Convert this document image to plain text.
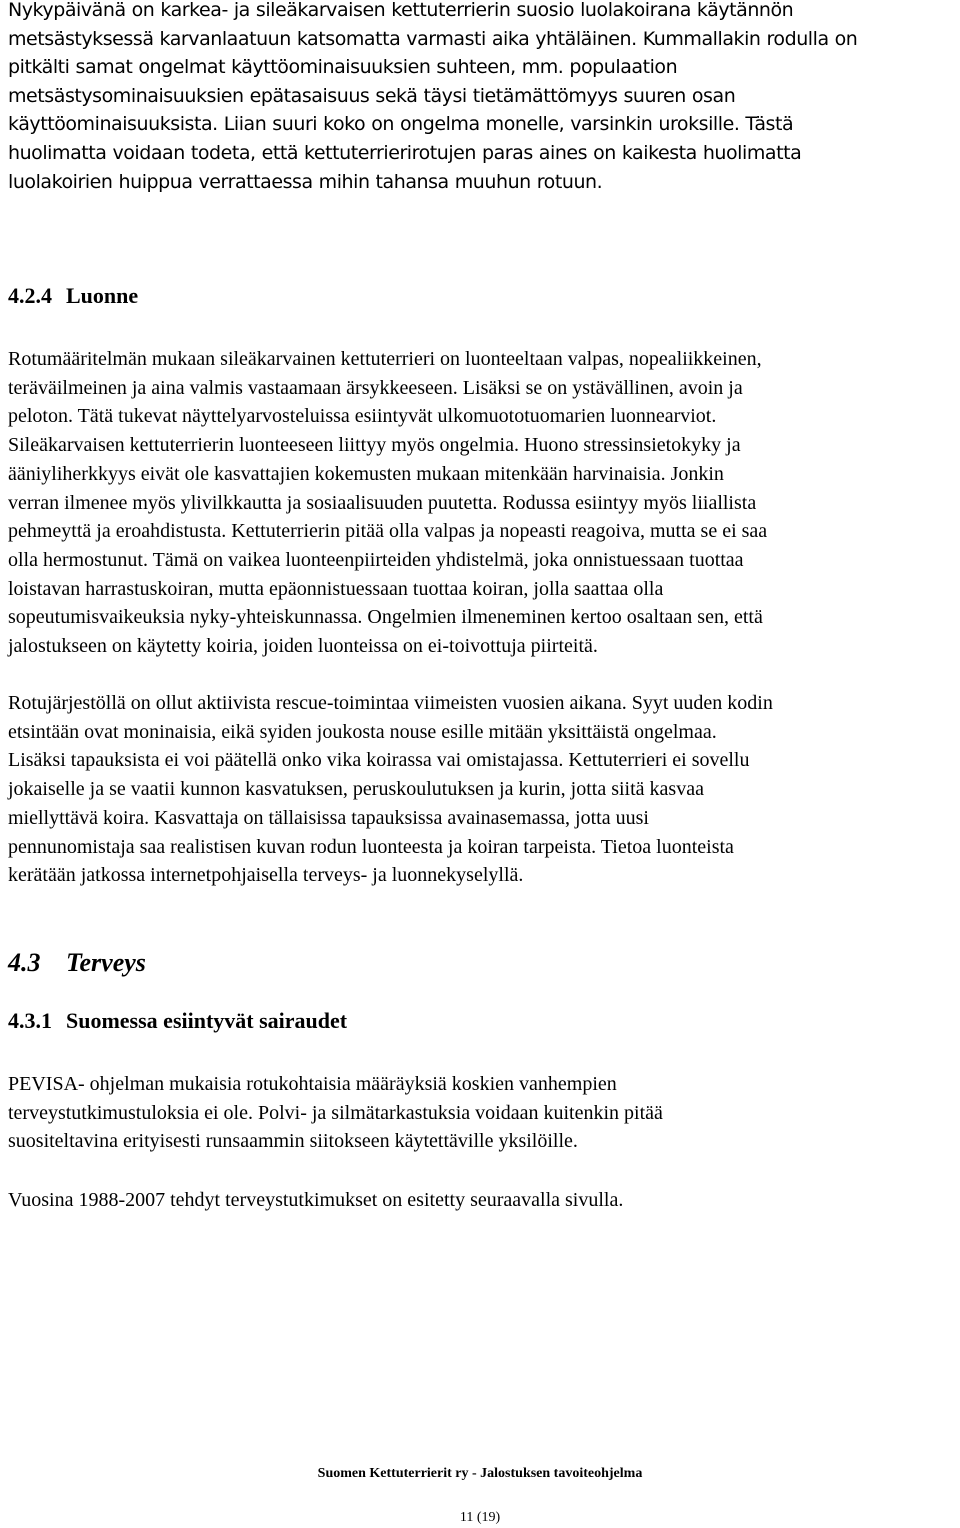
Nykypäivänä on karkea- ja sileäkarvaisen kettuterrierin suosio luolakoirana käytännön
metsästyksessä karvanlaatuun katsomatta varmasti aika yhtäläinen. Kummallakin rodulla on
pitkälti samat ongelmat käyttöominaisuuksien suhteen, mm. populaation
metsästysominaisuuksien epätasaisuus sekä täysi tietämättömyys suuren osan
käyttöominaisuuksista. Liian suuri koko on ongelma monelle, varsinkin uroksille. Tästä
huolimatta voidaan todeta, että kettuterrierirotujen paras aines on kaikesta huolimatta
luolakoirien huippua verrattaessa mihin tahansa muuhun rotuun.

4.2.4 Luonne

Rotumääritelmän mukaan sileäkarvainen kettuterrieri on luonteeltaan valpas, nopealiikkeinen,
teräväilmeinen ja aina valmis vastaamaan ärsykkeeseen. Lisäksi se on ystävällinen, avoin ja
peloton. Tätä tukevat näyttelyarvosteluissa esiintyvät ulkomuototuomarien luonnearviot.
Sileäkarvaisen kettuterrierin luonteeseen liittyy myös ongelmia. Huono stressinsietokyky ja
ääniyliherkkyys eivät ole kasvattajien kokemusten mukaan mitenkään harvinaisia. Jonkin
verran ilmenee myös ylivilkkautta ja sosiaalisuuden puutetta. Rodussa esiintyy myös liiallista
pehmeyttä ja eroahdistusta. Kettuterrierin pitää olla valpas ja nopeasti reagoiva, mutta se ei saa
olla hermostunut. Tämä on vaikea luonteenpiirteiden yhdistelmä, joka onnistuessaan tuottaa
loistavan harrastuskoiran, mutta epäonnistuessaan tuottaa koiran, jolla saattaa olla
sopeutumisvaikeuksia nyky-yhteiskunnassa. Ongelmien ilmeneminen kertoo osaltaan sen, että
jalostukseen on käytetty koiria, joiden luonteissa on ei-toivottuja piirteitä.

Rotujärjestöllä on ollut aktiivista rescue-toimintaa viimeisten vuosien aikana. Syyt uuden kodin
etsintään ovat moninaisia, eikä syiden joukosta nouse esille mitään yksittäistä ongelmaa.
Lisäksi tapauksista ei voi päätellä onko vika koirassa vai omistajassa. Kettuterrieri ei sovellu
jokaiselle ja se vaatii kunnon kasvatuksen, peruskoulutuksen ja kurin, jotta siitä kasvaa
miellyttävä koira. Kasvattaja on tällaisissa tapauksissa avainasemassa, jotta uusi
pennunomistaja saa realistisen kuvan rodun luonteesta ja koiran tarpeista. Tietoa luonteista
kerätään jatkossa internetpohjaisella terveys- ja luonnekyselyllä.

4.3 Terveys
4.3.1 Suomessa esiintyvät sairaudet

PEVISA- ohjelman mukaisia rotukohtaisia määräyksiä koskien vanhempien
terveystutkimustuloksia ei ole. Polvi- ja silmätarkastuksia voidaan kuitenkin pitää
suositeltavina erityisesti runsaammin siitokseen käytettäville yksilöille.

Vuosina 1988-2007 tehdyt terveystutkimukset on esitetty seuraavalla sivulla.

Suomen Kettuterrierit ry - Jalostuksen tavoiteohjelma

11 (19)
